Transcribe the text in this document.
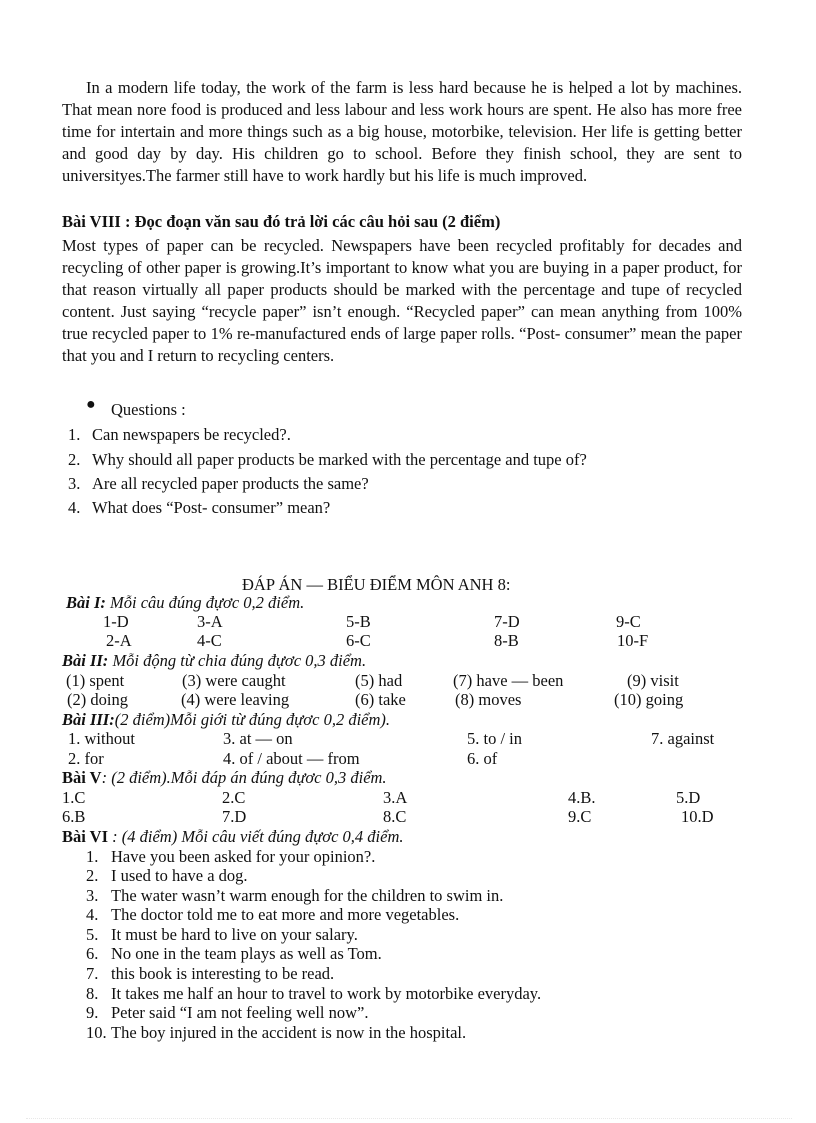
In a modern life today, the work of the farm is less hard because he is helped a lot by machines. That mean nore food is produced and less labour and less work hours are spent. He also has more free time for intertain and more things such as a big house, motorbike, television. Her life is getting better and good day by day. His children go to school. Before they finish school, they are sent to universityes.The farmer still have to work hardly but his life is much improved.
Bài VIII : Đọc đoạn văn sau đó trả lời các câu hỏi sau (2 điểm)
Most types of paper can be recycled. Newspapers have been recycled profitably for decades and recycling of other paper is growing.It’s important to know what you are buying in a paper product, for that reason virtually all paper products should be marked with the percentage and tupe of recycled content. Just saying “recycle paper” isn’t enough. “Recycled paper” can mean anything from 100% true recycled paper to 1% re-manufactured ends of large paper rolls. “Post- consumer” mean the paper that you and I return to recycling centers.
● Questions :
1. Can newspapers be recycled?.
2. Why should all paper products be marked with the percentage and tupe of?
3. Are all recycled paper products the same?
4. What does “Post- consumer” mean?
ĐÁP ÁN — BIỂU ĐIỂM MÔN ANH 8:
Bài I: Mỗi câu đúng đựơc 0,2 điểm.
1-D	3-A	5-B	7-D	9-C
2-A	4-C	6-C	8-B	10-F
Bài II: Mỗi động từ chia đúng đựơc 0,3 điểm.
(1) spent	(3) were caught	(5) had	(7) have — been	(9) visit
(2) doing	(4) were leaving	(6) take	(8) moves	(10) going
Bài III:(2 điểm)Mỗi giới từ đúng đựơc 0,2 điểm).
1. without	3. at — on	5. to / in	7. against
2. for	4. of / about — from	6. of
Bài V: (2 điểm).Mỗi đáp án đúng đựơc 0,3 điểm.
1.C	2.C	3.A	4.B.	5.D
6.B	7.D	8.C	9.C	10.D
Bài VI : (4 điểm) Mỗi câu viết đúng đựơc 0,4 điểm.
1. Have you been asked for your opinion?.
2. I used to have a dog.
3. The water wasn’t warm enough for the children to swim in.
4. The doctor told me to eat more and more vegetables.
5. It must be hard to live on your salary.
6. No one in the team plays as well as Tom.
7. this book is interesting to be read.
8. It takes me half an hour to travel to work by motorbike everyday.
9. Peter said “I am not feeling well now”.
10. The boy injured in the accident is now in the hospital.
